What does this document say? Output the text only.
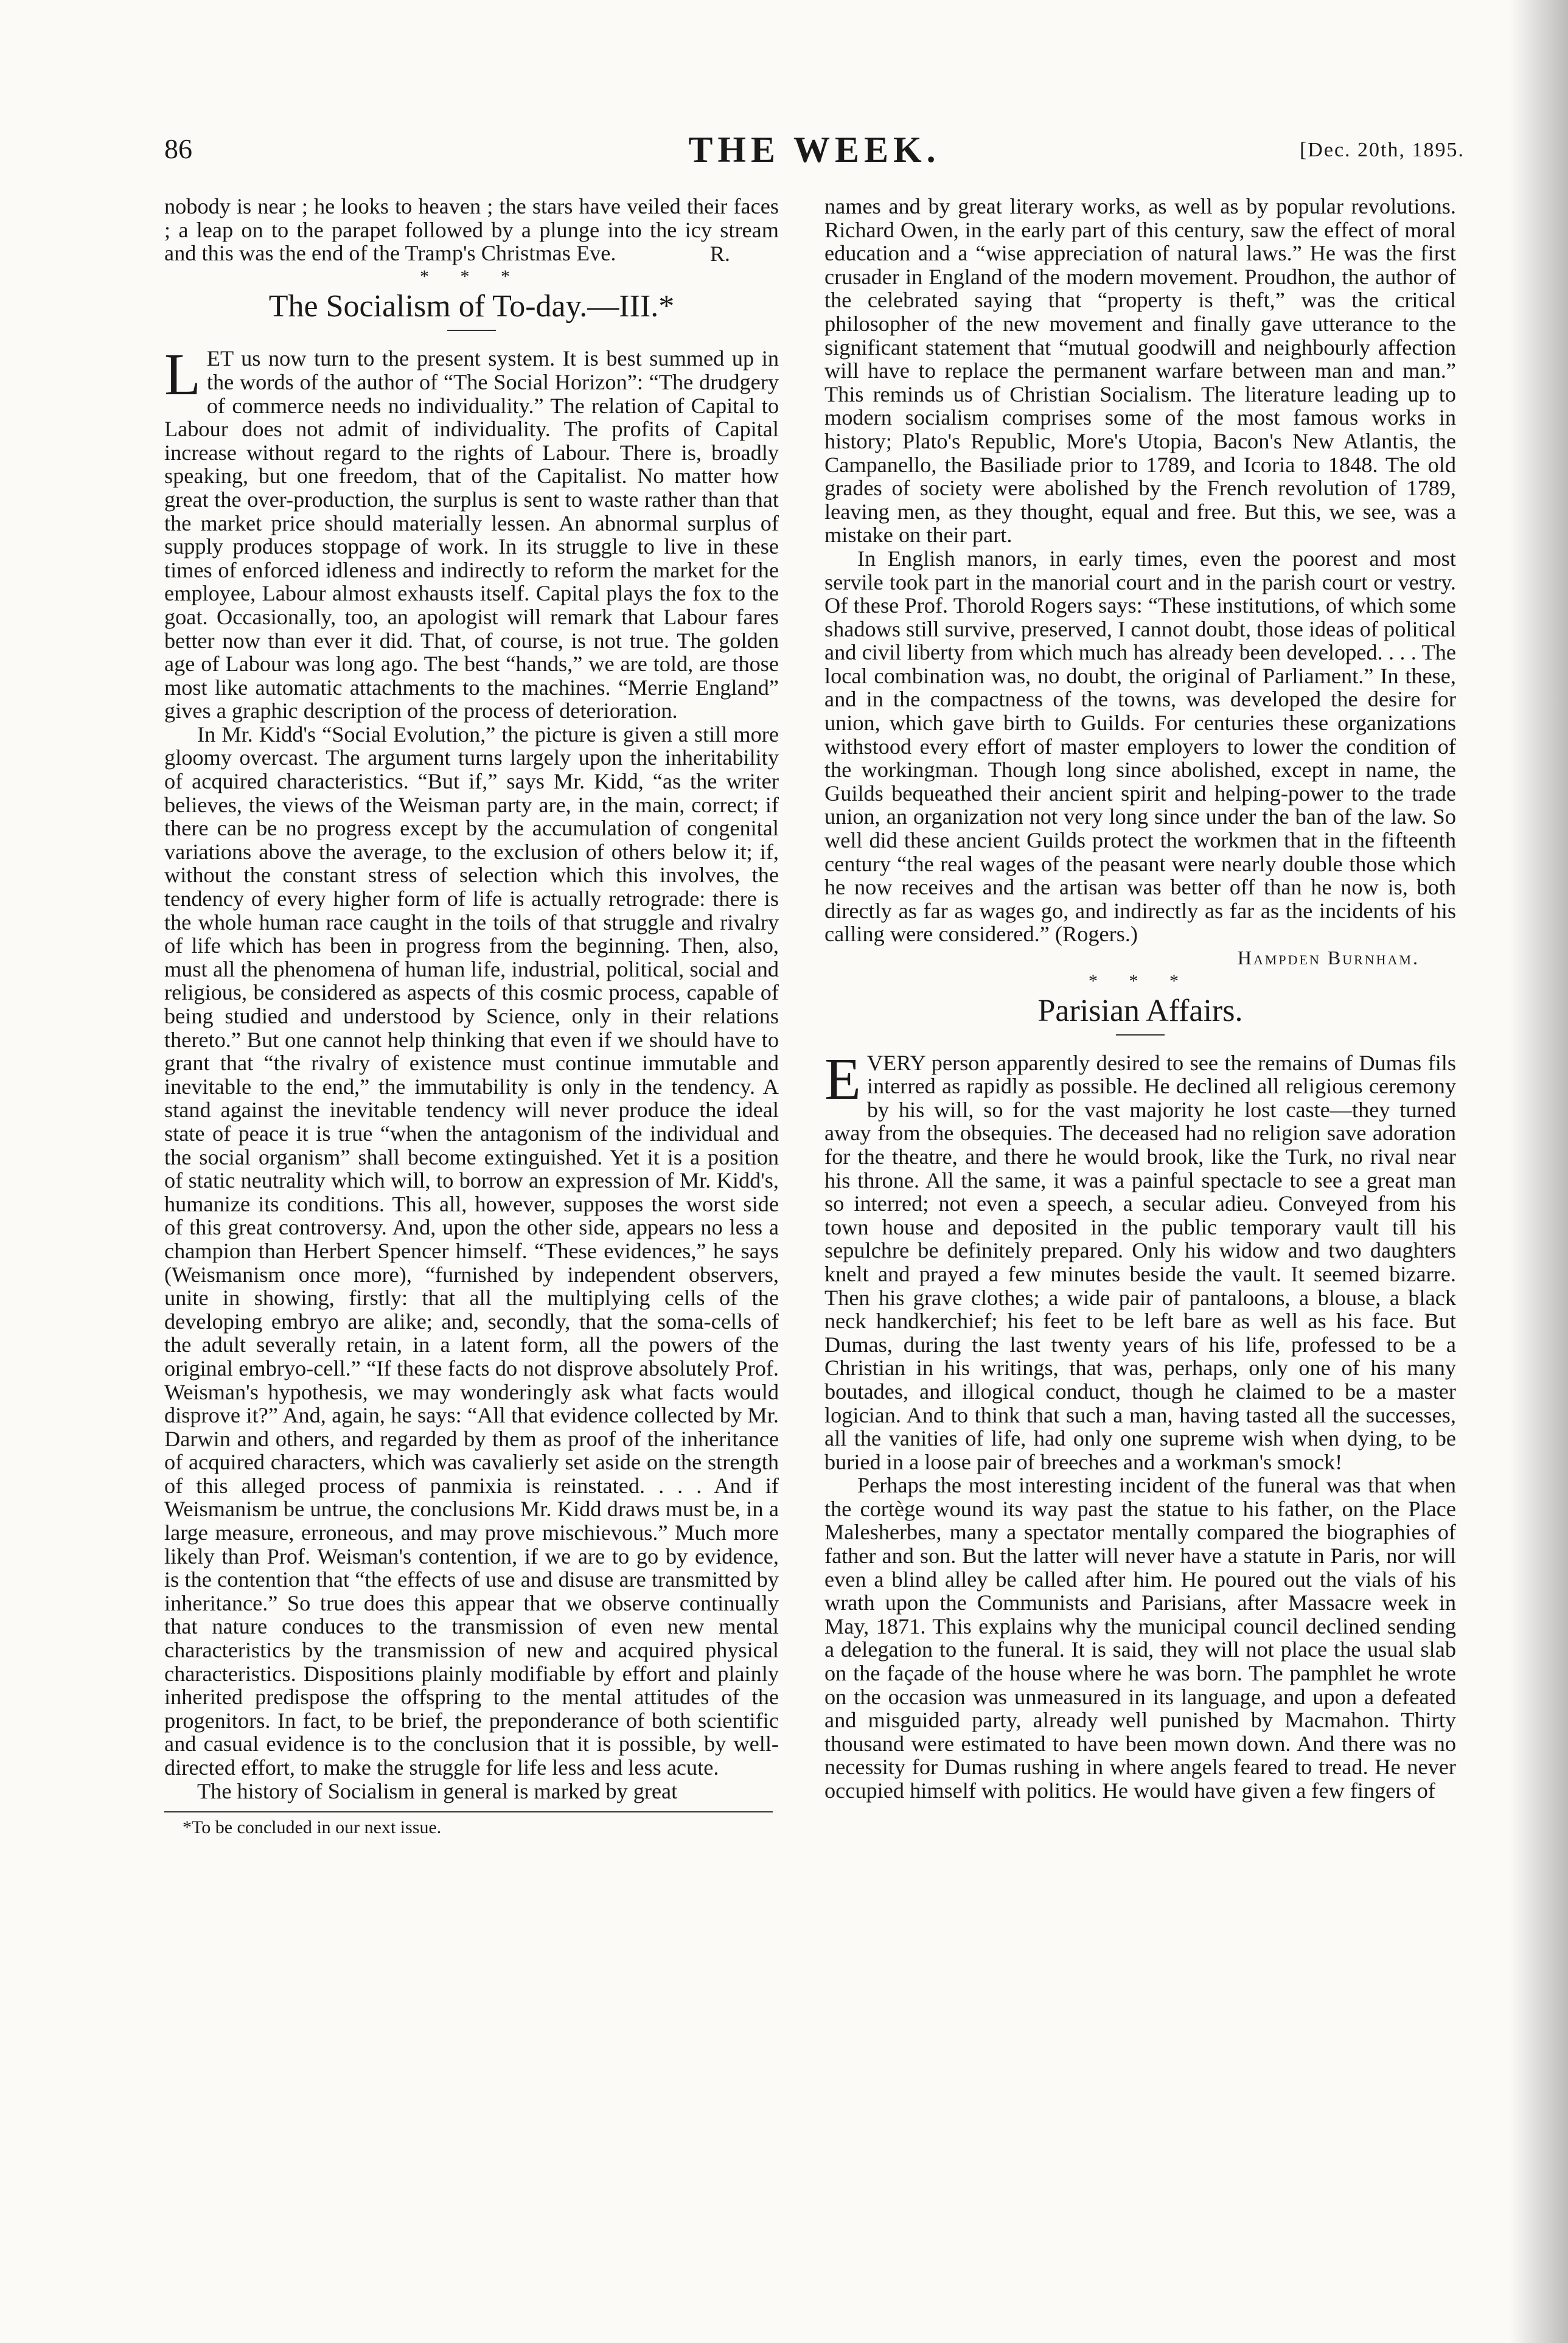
86	THE WEEK.	[Dec. 20th, 1895.

nobody is near ; he looks to heaven ; the stars have veiled their faces ; a leap on to the parapet followed by a plunge into the icy stream and this was the end of the Tramp's Christmas Eve.	R.

* * *

The Socialism of To-day.—III.*

LET us now turn to the present system. It is best summed up in the words of the author of “The Social Horizon”: “The drudgery of commerce needs no individuality.” The relation of Capital to Labour does not admit of individuality. The profits of Capital increase without regard to the rights of Labour. There is, broadly speaking, but one freedom, that of the Capitalist. No matter how great the over-production, the surplus is sent to waste rather than that the market price should materially lessen. An abnormal surplus of supply produces stoppage of work. In its struggle to live in these times of enforced idleness and indirectly to reform the market for the employee, Labour almost exhausts itself. Capital plays the fox to the goat. Occasionally, too, an apologist will remark that Labour fares better now than ever it did. That, of course, is not true. The golden age of Labour was long ago. The best “hands,” we are told, are those most like automatic attachments to the machines. “Merrie England” gives a graphic description of the process of deterioration.

In Mr. Kidd's “Social Evolution,” the picture is given a still more gloomy overcast. The argument turns largely upon the inheritability of acquired characteristics. “But if,” says Mr. Kidd, “as the writer believes, the views of the Weisman party are, in the main, correct; if there can be no progress except by the accumulation of congenital variations above the average, to the exclusion of others below it; if, without the constant stress of selection which this involves, the tendency of every higher form of life is actually retrograde: there is the whole human race caught in the toils of that struggle and rivalry of life which has been in progress from the beginning. Then, also, must all the phenomena of human life, industrial, political, social and religious, be considered as aspects of this cosmic process, capable of being studied and understood by Science, only in their relations thereto.” But one cannot help thinking that even if we should have to grant that “the rivalry of existence must continue immutable and inevitable to the end,” the immutability is only in the tendency. A stand against the inevitable tendency will never produce the ideal state of peace it is true “when the antagonism of the individual and the social organism” shall become extinguished. Yet it is a position of static neutrality which will, to borrow an expression of Mr. Kidd's, humanize its conditions. This all, however, supposes the worst side of this great controversy. And, upon the other side, appears no less a champion than Herbert Spencer himself. “These evidences,” he says (Weismanism once more), “furnished by independent observers, unite in showing, firstly: that all the multiplying cells of the developing embryo are alike; and, secondly, that the soma-cells of the adult severally retain, in a latent form, all the powers of the original embryo-cell.” “If these facts do not disprove absolutely Prof. Weisman's hypothesis, we may wonderingly ask what facts would disprove it?” And, again, he says: “All that evidence collected by Mr. Darwin and others, and regarded by them as proof of the inheritance of acquired characters, which was cavalierly set aside on the strength of this alleged process of panmixia is reinstated. . . . And if Weismanism be untrue, the conclusions Mr. Kidd draws must be, in a large measure, erroneous, and may prove mischievous.” Much more likely than Prof. Weisman's contention, if we are to go by evidence, is the contention that “the effects of use and disuse are transmitted by inheritance.” So true does this appear that we observe continually that nature conduces to the transmission of even new mental characteristics by the transmission of new and acquired physical characteristics. Dispositions plainly modifiable by effort and plainly inherited predispose the offspring to the mental attitudes of the progenitors. In fact, to be brief, the preponderance of both scientific and casual evidence is to the conclusion that it is possible, by well-directed effort, to make the struggle for life less and less acute.

The history of Socialism in general is marked by great

*To be concluded in our next issue.

names and by great literary works, as well as by popular revolutions. Richard Owen, in the early part of this century, saw the effect of moral education and a “wise appreciation of natural laws.” He was the first crusader in England of the modern movement. Proudhon, the author of the celebrated saying that “property is theft,” was the critical philosopher of the new movement and finally gave utterance to the significant statement that “mutual goodwill and neighbourly affection will have to replace the permanent warfare between man and man.” This reminds us of Christian Socialism. The literature leading up to modern socialism comprises some of the most famous works in history; Plato's Republic, More's Utopia, Bacon's New Atlantis, the Campanello, the Basiliade prior to 1789, and Icoria to 1848. The old grades of society were abolished by the French revolution of 1789, leaving men, as they thought, equal and free. But this, we see, was a mistake on their part.

In English manors, in early times, even the poorest and most servile took part in the manorial court and in the parish court or vestry. Of these Prof. Thorold Rogers says: “These institutions, of which some shadows still survive, preserved, I cannot doubt, those ideas of political and civil liberty from which much has already been developed. . . . The local combination was, no doubt, the original of Parliament.” In these, and in the compactness of the towns, was developed the desire for union, which gave birth to Guilds. For centuries these organizations withstood every effort of master employers to lower the condition of the workingman. Though long since abolished, except in name, the Guilds bequeathed their ancient spirit and helping-power to the trade union, an organization not very long since under the ban of the law. So well did these ancient Guilds protect the workmen that in the fifteenth century “the real wages of the peasant were nearly double those which he now receives and the artisan was better off than he now is, both directly as far as wages go, and indirectly as far as the incidents of his calling were considered.” (Rogers.)

Hampden Burnham.

* * *

Parisian Affairs.

EVERY person apparently desired to see the remains of Dumas fils interred as rapidly as possible. He declined all religious ceremony by his will, so for the vast majority he lost caste—they turned away from the obsequies. The deceased had no religion save adoration for the theatre, and there he would brook, like the Turk, no rival near his throne. All the same, it was a painful spectacle to see a great man so interred; not even a speech, a secular adieu. Conveyed from his town house and deposited in the public temporary vault till his sepulchre be definitely prepared. Only his widow and two daughters knelt and prayed a few minutes beside the vault. It seemed bizarre. Then his grave clothes; a wide pair of pantaloons, a blouse, a black neck handkerchief; his feet to be left bare as well as his face. But Dumas, during the last twenty years of his life, professed to be a Christian in his writings, that was, perhaps, only one of his many boutades, and illogical conduct, though he claimed to be a master logician. And to think that such a man, having tasted all the successes, all the vanities of life, had only one supreme wish when dying, to be buried in a loose pair of breeches and a workman's smock!

Perhaps the most interesting incident of the funeral was that when the cortège wound its way past the statue to his father, on the Place Malesherbes, many a spectator mentally compared the biographies of father and son. But the latter will never have a statute in Paris, nor will even a blind alley be called after him. He poured out the vials of his wrath upon the Communists and Parisians, after Massacre week in May, 1871. This explains why the municipal council declined sending a delegation to the funeral. It is said, they will not place the usual slab on the façade of the house where he was born. The pamphlet he wrote on the occasion was unmeasured in its language, and upon a defeated and misguided party, already well punished by Macmahon. Thirty thousand were estimated to have been mown down. And there was no necessity for Dumas rushing in where angels feared to tread. He never occupied himself with politics. He would have given a few fingers of
